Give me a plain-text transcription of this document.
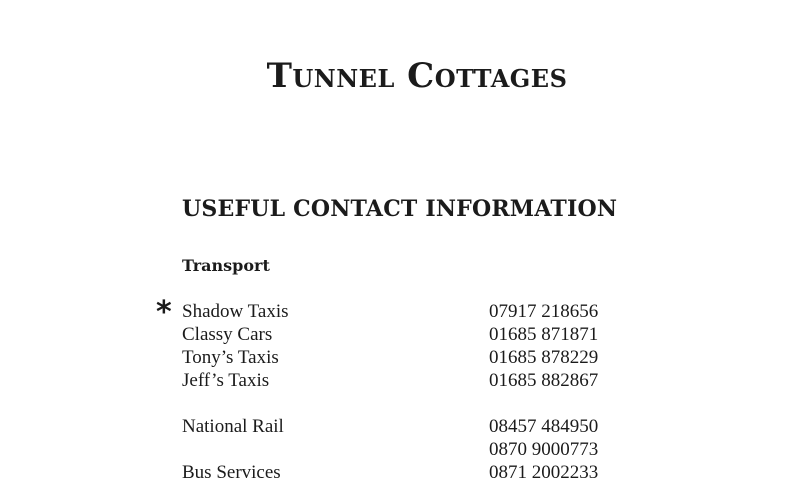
Tunnel Cottages
USEFUL CONTACT INFORMATION
Transport
* Shadow Taxis	07917 218656
Classy Cars	01685 871871
Tony’s Taxis	01685 878229
Jeff’s Taxis	01685 882867
National Rail	08457 484950
0870 9000773
Bus Services	0871 2002233
